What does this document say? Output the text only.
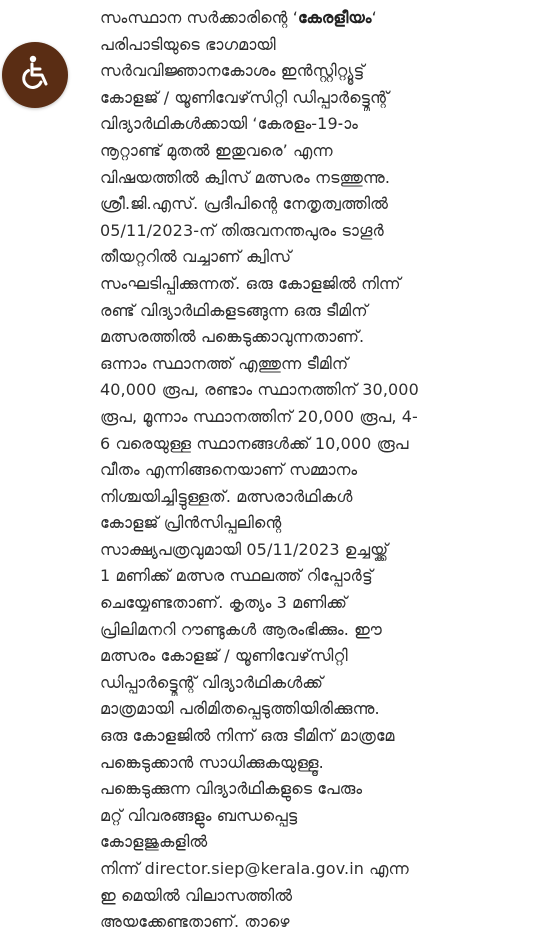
സംസ്ഥാന സർക്കാരിന്റെ ‘കേരളീയം‘
പരിപാടിയുടെ ഭാഗമായി
സർവവിജ്ഞാനകോശം ഇൻസ്റ്റിറ്റ്യൂട്ട്
കോളജ് / യൂണിവേഴ്‌സിറ്റി ഡിപ്പാർട്ട്മെന്റ്
വിദ്യാർഥികൾക്കായി ‘കേരളം-19-ാം
നൂറ്റാണ്ട് മുതൽ ഇതുവരെ’ എന്ന
വിഷയത്തിൽ ക്വിസ് മത്സരം നടത്തുന്നു.
ശ്രീ.ജി.എസ്. പ്രദീപിന്റെ നേതൃത്വത്തിൽ
05/11/2023-ന് തിരുവനന്തപുരം ടാഗൂർ
തീയറ്ററിൽ വച്ചാണ് ക്വിസ്
സംഘടിപ്പിക്കുന്നത്. ഒരു കോളജിൽ നിന്ന്
രണ്ട് വിദ്യാർഥികളടങ്ങുന്ന ഒരു ടീമിന്
മത്സരത്തിൽ പങ്കെടുക്കാവുന്നതാണ്.
ഒന്നാം സ്ഥാനത്ത് എത്തുന്ന ടീമിന്
40,000 രൂപ, രണ്ടാം സ്ഥാനത്തിന് 30,000
രൂപ, മൂന്നാം സ്ഥാനത്തിന് 20,000 രൂപ, 4-
6 വരെയുള്ള സ്ഥാനങ്ങൾക്ക് 10,000 രൂപ
വീതം എന്നിങ്ങനെയാണ് സമ്മാനം
നിശ്ചയിച്ചിട്ടുള്ളത്. മത്സരാർഥികൾ
കോളജ് പ്രിൻസിപ്പലിന്റെ
സാക്ഷ്യപത്രവുമായി 05/11/2023 ഉച്ചയ്ക്ക്
1 മണിക്ക് മത്സര സ്ഥലത്ത് റിപ്പോർട്ട്
ചെയ്യേണ്ടതാണ്. കൃത്യം 3 മണിക്ക്
പ്രിലിമനറി റൗണ്ടുകൾ ആരംഭിക്കും. ഈ
മത്സരം കോളജ് / യൂണിവേഴ്‌സിറ്റി
ഡിപ്പാർട്ട്മെന്റ് വിദ്യാർഥികൾക്ക്
മാത്രമായി പരിമിതപ്പെടുത്തിയിരിക്കുന്നു.
ഒരു കോളജിൽ നിന്ന് ഒരു ടീമിന് മാത്രമേ
പങ്കെടുക്കാൻ സാധിക്കുകയുള്ളൂ.
പങ്കെടുക്കുന്ന വിദ്യാർഥികളുടെ പേരും
മറ്റ് വിവരങ്ങളും ബന്ധപ്പെട്ട
കോളജുകളിൽ
നിന്ന് director.siep@kerala.gov.in എന്ന
ഇ മെയിൽ വിലാസത്തിൽ
അയക്കേണ്ടതാണ്. താഴെ
